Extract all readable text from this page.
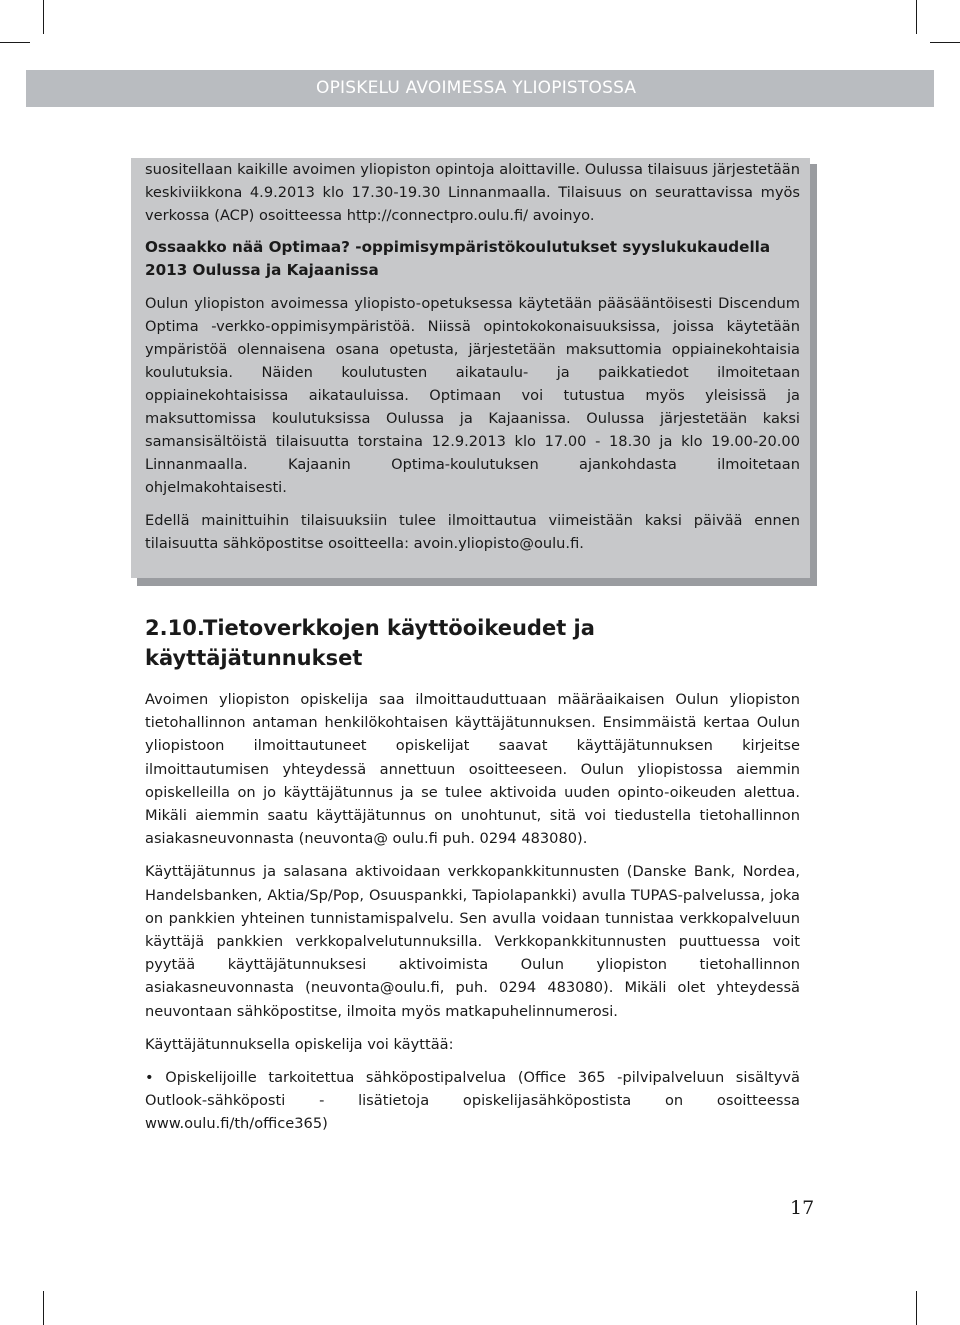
OPISKELU AVOIMESSA YLIOPISTOSSA

suositellaan kaikille avoimen yliopiston opintoja aloittaville. Oulussa tilaisuus järjestetään keskiviikkona 4.9.2013 klo 17.30-19.30 Linnanmaalla. Tilaisuus on seurattavissa myös verkossa (ACP) osoitteessa http://connectpro.oulu.fi/ avoinyo.

Ossaakko nää Optimaa? -oppimisympäristökoulutukset syyslukukaudella 2013 Oulussa ja Kajaanissa

Oulun yliopiston avoimessa yliopisto-opetuksessa käytetään pääsääntöisesti Discendum Optima -verkko-oppimisympäristöä. Niissä opintokokonaisuuksissa, joissa käytetään ympäristöä olennaisena osana opetusta, järjestetään maksuttomia oppiainekohtaisia koulutuksia. Näiden koulutusten aikataulu- ja paikkatiedot ilmoitetaan oppiainekohtaisissa aikatauluissa. Optimaan voi tutustua myös yleisissä ja maksuttomissa koulutuksissa Oulussa ja Kajaanissa. Oulussa järjestetään kaksi samansisältöistä tilaisuutta torstaina 12.9.2013 klo 17.00 - 18.30 ja klo 19.00-20.00 Linnanmaalla. Kajaanin Optima-koulutuksen ajankohdasta ilmoitetaan ohjelmakohtaisesti.

Edellä mainittuihin tilaisuuksiin tulee ilmoittautua viimeistään kaksi päivää ennen tilaisuutta sähköpostitse osoitteella: avoin.yliopisto@oulu.fi.

2.10.Tietoverkkojen käyttöoikeudet ja käyttäjätunnukset

Avoimen yliopiston opiskelija saa ilmoittauduttuaan määräaikaisen Oulun yliopiston tietohallinnon antaman henkilökohtaisen käyttäjätunnuksen. Ensimmäistä kertaa Oulun yliopistoon ilmoittautuneet opiskelijat saavat käyttäjätunnuksen kirjeitse ilmoittautumisen yhteydessä annettuun osoitteeseen. Oulun yliopistossa aiemmin opiskelleilla on jo käyttäjätunnus ja se tulee aktivoida uuden opinto-oikeuden alettua. Mikäli aiemmin saatu käyttäjätunnus on unohtunut, sitä voi tiedustella tietohallinnon asiakasneuvonnasta (neuvonta@ oulu.fi puh. 0294 483080).

Käyttäjätunnus ja salasana aktivoidaan verkkopankkitunnusten (Danske Bank, Nordea, Handelsbanken, Aktia/Sp/Pop, Osuuspankki, Tapiolapankki) avulla TUPAS-palvelussa, joka on pankkien yhteinen tunnistamispalvelu. Sen avulla voidaan tunnistaa verkkopalveluun käyttäjä pankkien verkkopalvelutunnuksilla. Verkkopankkitunnusten puuttuessa voit pyytää käyttäjätunnuksesi aktivoimista Oulun yliopiston tietohallinnon asiakasneuvonnasta (neuvonta@oulu.fi, puh. 0294 483080). Mikäli olet yhteydessä neuvontaan sähköpostitse, ilmoita myös matkapuhelinnumerosi.

Käyttäjätunnuksella opiskelija voi käyttää:

• Opiskelijoille tarkoitettua sähköpostipalvelua (Office 365 -pilvipalveluun sisältyvä Outlook-sähköposti - lisätietoja opiskelijasähköpostista on osoitteessa www.oulu.fi/th/office365)

17
